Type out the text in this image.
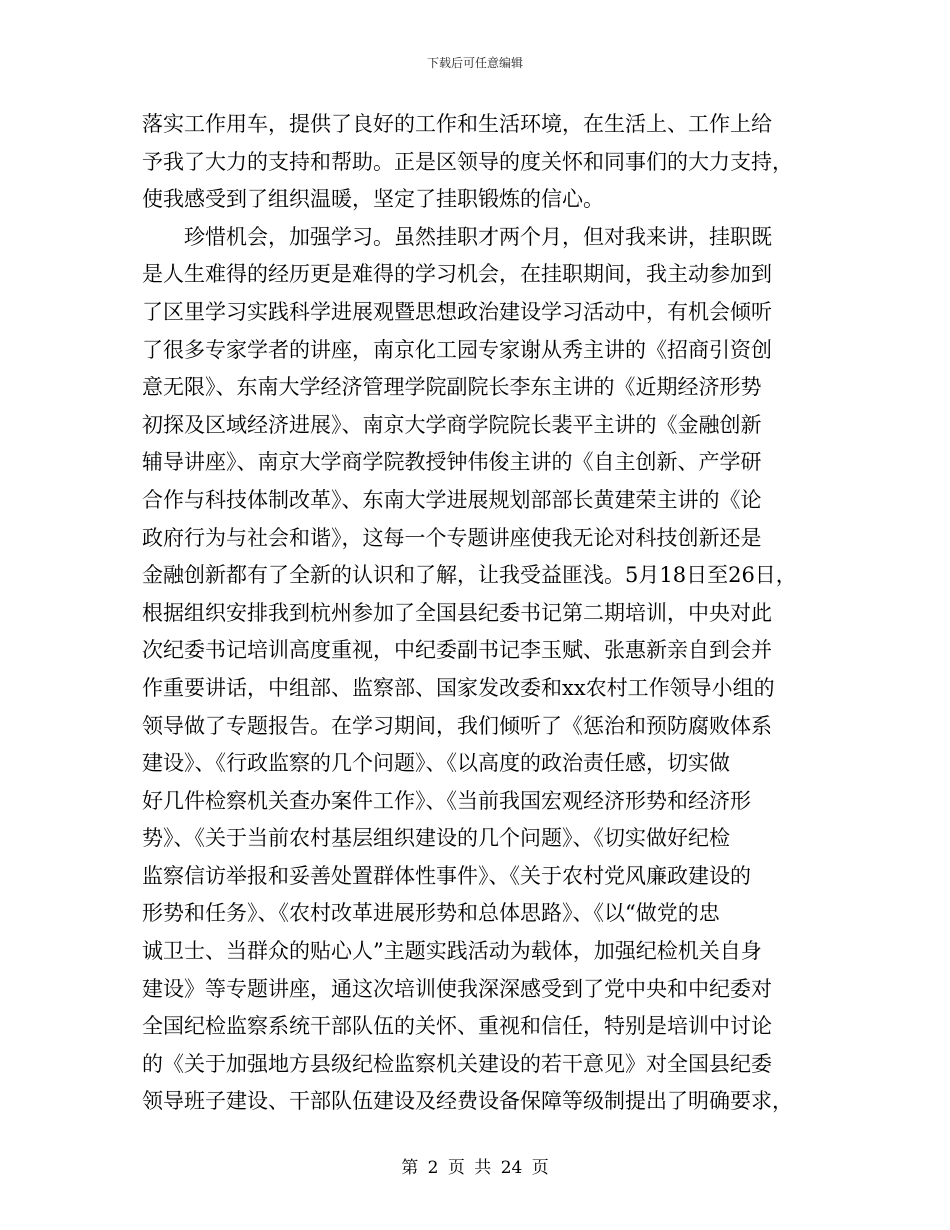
下载后可任意编辑
落实工作用车，提供了良好的工作和生活环境，在生活上、工作上给
予我了大力的支持和帮助。正是区领导的度关怀和同事们的大力支持，
使我感受到了组织温暖，坚定了挂职锻炼的信心。
　　珍惜机会，加强学习。虽然挂职才两个月，但对我来讲，挂职既
是人生难得的经历更是难得的学习机会，在挂职期间，我主动参加到
了区里学习实践科学进展观暨思想政治建设学习活动中，有机会倾听
了很多专家学者的讲座，南京化工园专家谢从秀主讲的《招商引资创
意无限》、东南大学经济管理学院副院长李东主讲的《近期经济形势
初探及区域经济进展》、南京大学商学院院长裴平主讲的《金融创新
辅导讲座》、南京大学商学院教授钟伟俊主讲的《自主创新、产学研
合作与科技体制改革》、东南大学进展规划部部长黄建荣主讲的《论
政府行为与社会和谐》，这每一个专题讲座使我无论对科技创新还是
金融创新都有了全新的认识和了解，让我受益匪浅。5月18日至26日，
根据组织安排我到杭州参加了全国县纪委书记第二期培训，中央对此
次纪委书记培训高度重视，中纪委副书记李玉赋、张惠新亲自到会并
作重要讲话，中组部、监察部、国家发改委和xx农村工作领导小组的
领导做了专题报告。在学习期间，我们倾听了《惩治和预防腐败体系
建设》、《行政监察的几个问题》、《以高度的政治责任感，切实做
好几件检察机关查办案件工作》、《当前我国宏观经济形势和经济形
势》、《关于当前农村基层组织建设的几个问题》、《切实做好纪检
监察信访举报和妥善处置群体性事件》、《关于农村党风廉政建设的
形势和任务》、《农村改革进展形势和总体思路》、《以“做党的忠
诚卫士、当群众的贴心人”主题实践活动为载体，加强纪检机关自身
建设》等专题讲座，通这次培训使我深深感受到了党中央和中纪委对
全国纪检监察系统干部队伍的关怀、重视和信任，特别是培训中讨论
的《关于加强地方县级纪检监察机关建设的若干意见》对全国县纪委
领导班子建设、干部队伍建设及经费设备保障等级制提出了明确要求，
第 2 页 共 24 页
